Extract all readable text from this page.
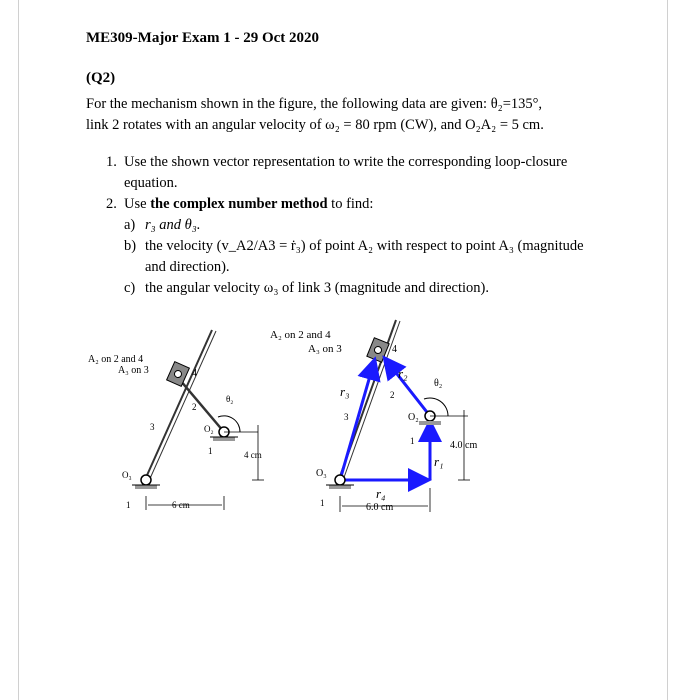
ME309-Major Exam 1 - 29 Oct 2020
(Q2)
For the mechanism shown in the figure, the following data are given: θ₂=135°,
link 2 rotates with an angular velocity of ω₂ = 80 rpm (CW), and O₂A₂ = 5 cm.
1. Use the shown vector representation to write the corresponding loop-closure
equation.
2. Use the complex number method to find:
a) r₃ and θ₃.
b) the velocity (v_A2/A3 = ṙ₃) of point A₂ with respect to point A₃ (magnitude
and direction).
c) the angular velocity ω₃ of link 3 (magnitude and direction).
A₂ on 2 and 4
A₃ on 3	4
2
3
1
1
θ₂
O₂
O₃
4 cm
6 cm
A₂ on 2 and 4
A₃ on 3	4
2
3
1
1
θ₂
O₂
O₃
r₂
r₃
r₄
r₁
4.0 cm
6.0 cm
